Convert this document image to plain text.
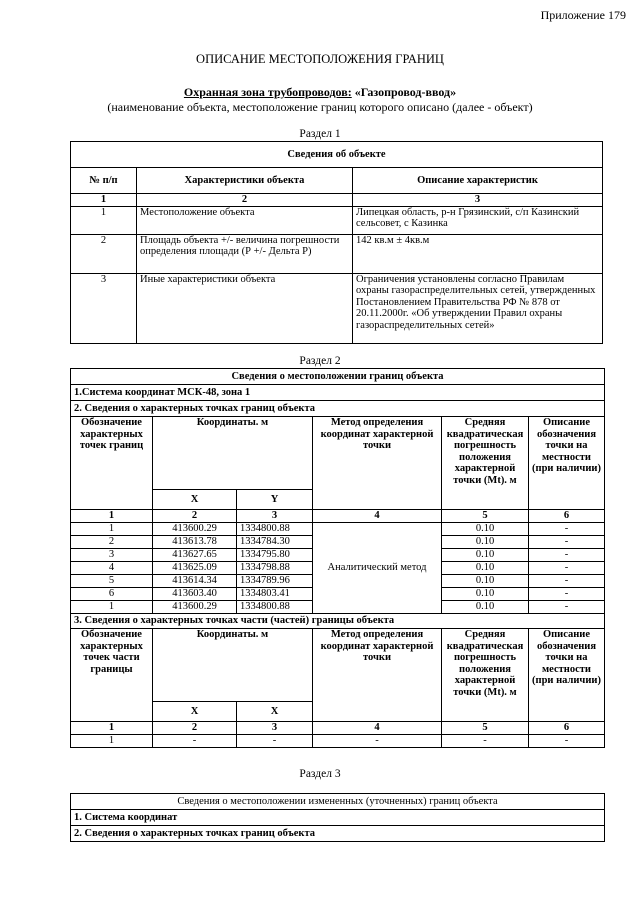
Приложение 179
ОПИСАНИЕ МЕСТОПОЛОЖЕНИЯ ГРАНИЦ
Охранная зона трубопроводов: «Газопровод-ввод»
(наименование объекта, местоположение границ которого описано (далее - объект)
Раздел 1
Сведения об объекте		
№ п/п	Характеристики объекта	Описание характеристик
1	2	3
1	Местоположение объекта	Липецкая область, р-н Грязинский, с/п Казинский сельсовет, с Казинка
2	Площадь объекта +/- величина погрешности определения площади (Р +/- Дельта Р)	142 кв.м ± 4кв.м
3	Иные характеристики объекта	Ограничения установлены согласно Правилам охраны газораспределительных сетей, утвержденных Постановлением Правительства РФ № 878 от 20.11.2000г. «Об утверждении Правил охраны газораспределительных сетей»
Раздел 2
Сведения о местоположении границ объекта					
1.Система координат МСК-48, зона 1					
2. Сведения о характерных точках границ объекта					
Обозначение характерных точек границ	Координаты. м		Метод определения координат характерной точки	Средняя квадратическая погрешность положения характерной точки (Mt). м	Описание обозначения точки на местности (при наличии)
	X	Y			
1	2	3	4	5	6
1	413600.29	1334800.88	Аналитический метод	0.10	-
2	413613.78	1334784.30		0.10	-
3	413627.65	1334795.80		0.10	-
4	413625.09	1334798.88		0.10	-
5	413614.34	1334789.96		0.10	-
6	413603.40	1334803.41		0.10	-
1	413600.29	1334800.88		0.10	-
3. Сведения о характерных точках части (частей) границы объекта					
Обозначение характерных точек части границы	Координаты. м		Метод определения координат характерной точки	Средняя квадратическая погрешность положения характерной точки (Mt). м	Описание обозначения точки на местности (при наличии)
	X	X			
1	2	3	4	5	6
1	-	-	-	-	-
Раздел 3
Сведения о местоположении измененных (уточненных) границ объекта
1. Система координат
2. Сведения о характерных точках границ объекта
